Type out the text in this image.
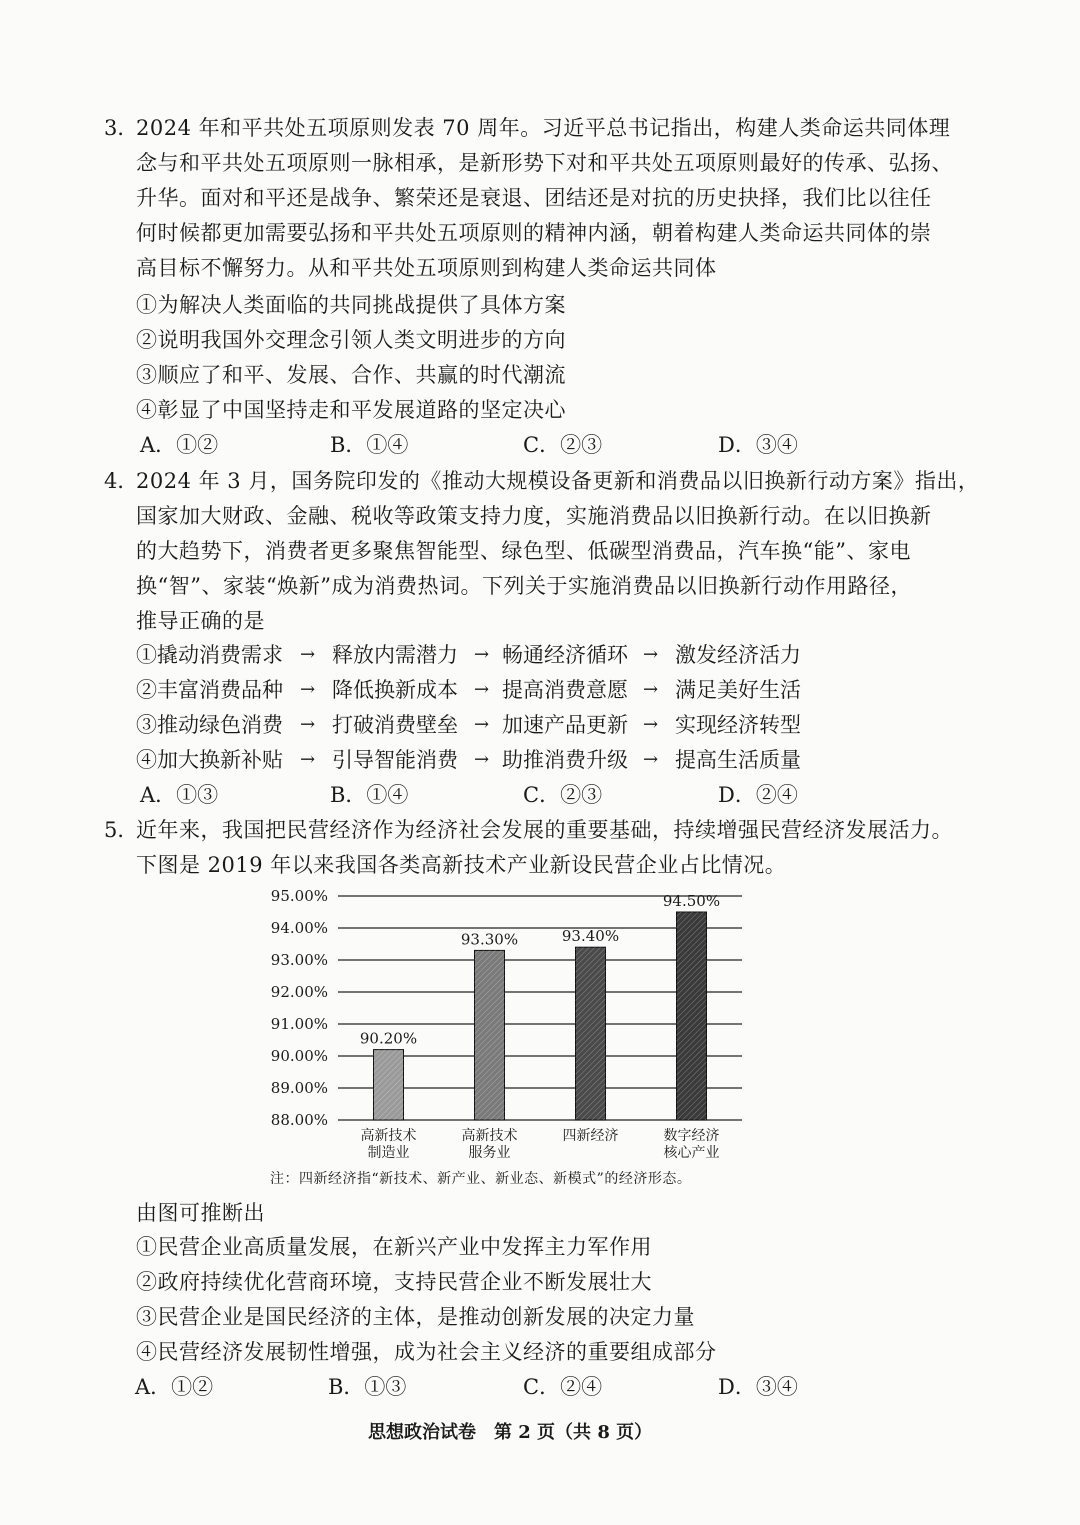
3．
2024 年和平共处五项原则发表 70 周年。习近平总书记指出，构建人类命运共同体理
念与和平共处五项原则一脉相承，是新形势下对和平共处五项原则最好的传承、弘扬、
升华。面对和平还是战争、繁荣还是衰退、团结还是对抗的历史抉择，我们比以往任
何时候都更加需要弘扬和平共处五项原则的精神内涵，朝着构建人类命运共同体的崇
高目标不懈努力。从和平共处五项原则到构建人类命运共同体
①为解决人类面临的共同挑战提供了具体方案
②说明我国外交理念引领人类文明进步的方向
③顺应了和平、发展、合作、共赢的时代潮流
④彰显了中国坚持走和平发展道路的坚定决心
A．①②	B．①④	C．②③	D．③④
4．
2024 年 3 月，国务院印发的《推动大规模设备更新和消费品以旧换新行动方案》指出，
国家加大财政、金融、税收等政策支持力度，实施消费品以旧换新行动。在以旧换新
的大趋势下，消费者更多聚焦智能型、绿色型、低碳型消费品，汽车换“能”、家电
换“智”、家装“焕新”成为消费热词。下列关于实施消费品以旧换新行动作用路径，
推导正确的是
①撬动消费需求 → 释放内需潜力 → 畅通经济循环 → 激发经济活力
②丰富消费品种 → 降低换新成本 → 提高消费意愿 → 满足美好生活
③推动绿色消费 → 打破消费壁垒 → 加速产品更新 → 实现经济转型
④加大换新补贴 → 引导智能消费 → 助推消费升级 → 提高生活质量
A．①③	B．①④	C．②③	D．②④
5．
近年来，我国把民营经济作为经济社会发展的重要基础，持续增强民营经济发展活力。
下图是 2019 年以来我国各类高新技术产业新设民营企业占比情况。
88.00%
89.00%
90.00%
91.00%
92.00%
93.00%
94.00%
95.00%
90.20%
93.30%	93.40%
94.50%
高新技术
制造业
高新技术
服务业
四新经济	数字经济
核心产业
注：四新经济指“新技术、新产业、新业态、新模式”的经济形态。
由图可推断出
①民营企业高质量发展，在新兴产业中发挥主力军作用
②政府持续优化营商环境，支持民营企业不断发展壮大
③民营企业是国民经济的主体，是推动创新发展的决定力量
④民营经济发展韧性增强，成为社会主义经济的重要组成部分
A．①②	B．①③	C．②④	D．③④
思想政治试卷　第 2 页（共 8 页）
